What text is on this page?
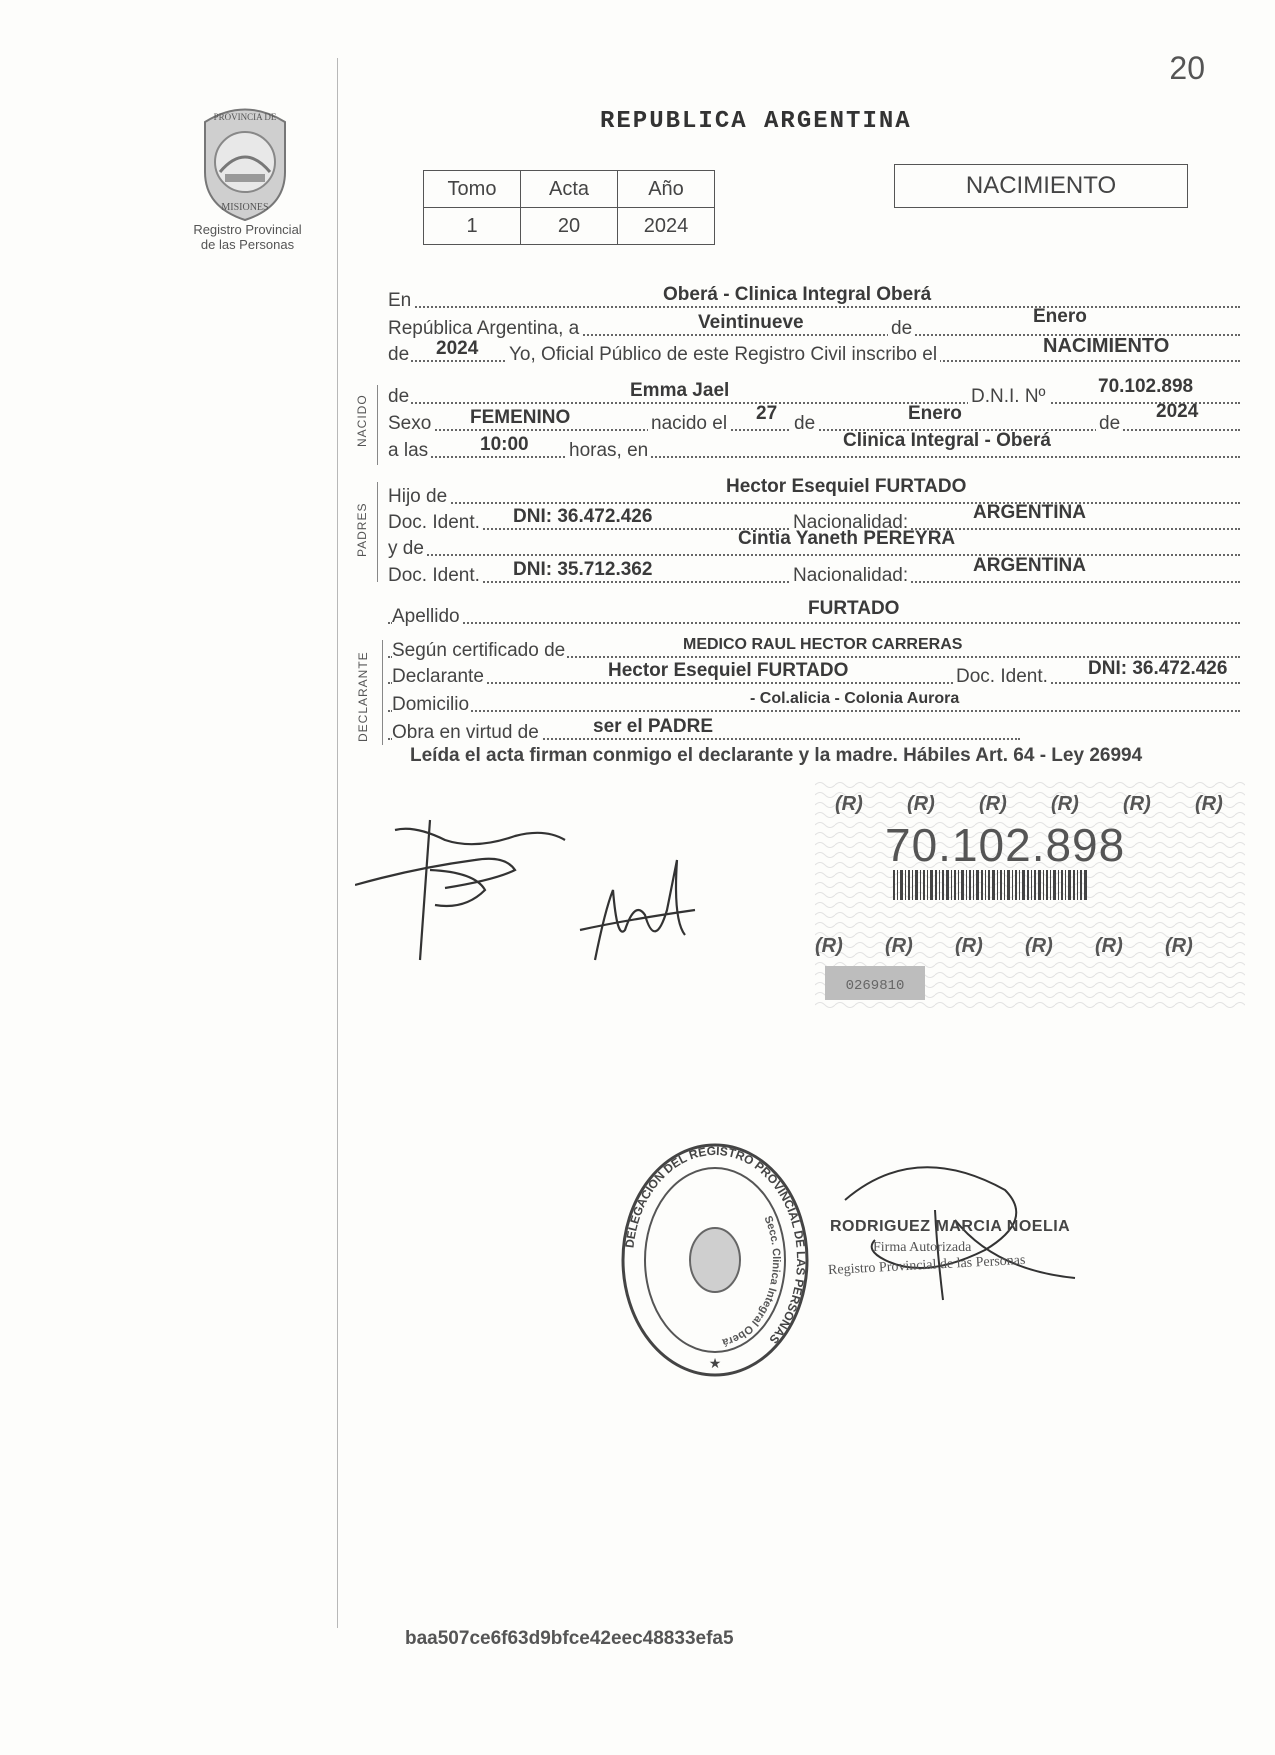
20
PROVINCIA DE
MISIONES
Registro Provincial
de las Personas
REPUBLICA ARGENTINA
Tomo	Acta	Año
1	20	2024
NACIMIENTO
En	Oberá - Clinica Integral Oberá
República Argentina, a	Veintinueve	de
Enero
de 2024 Yo, Oficial Público de este Registro Civil inscribo el	NACIMIENTO
NACIDO de	Emma Jael	D.N.I. Nº	70.102.898
Sexo FEMENINO	nacido el 27 de	Enero	de
2024
a las	10:00 horas, en	Clinica Integral - Oberá
PADRES
Hijo de	Hector Esequiel FURTADO
Doc. Ident. DNI: 36.472.426	Nacionalidad:	ARGENTINA
y de	Cintia Yaneth PEREYRA
Doc. Ident. DNI: 35.712.362	Nacionalidad:	ARGENTINA
Apellido	FURTADO
DECLARANTE
Según certificado de	MEDICO RAUL HECTOR CARRERAS
Declarante	Hector Esequiel FURTADO	Doc. Ident. DNI: 36.472.426
Domicilio	- Col.alicia - Colonia Aurora
Obra en virtud de	ser el PADRE
Leída el acta firman conmigo el declarante y la madre. Hábiles Art. 64 - Ley 26994
(R) (R) (R) (R) (R) (R)
(R) (R) (R) (R) (R) (R)
0269810
70.102.898
DELEGACION DEL REGISTRO PROVINCIAL DE LAS PERSONAS
Secc. Clinica Integral Oberá
★
RODRIGUEZ MARCIA NOELIA
Firma Autorizada
Registro Provincial de las Personas
baa507ce6f63d9bfce42eec48833efa5
